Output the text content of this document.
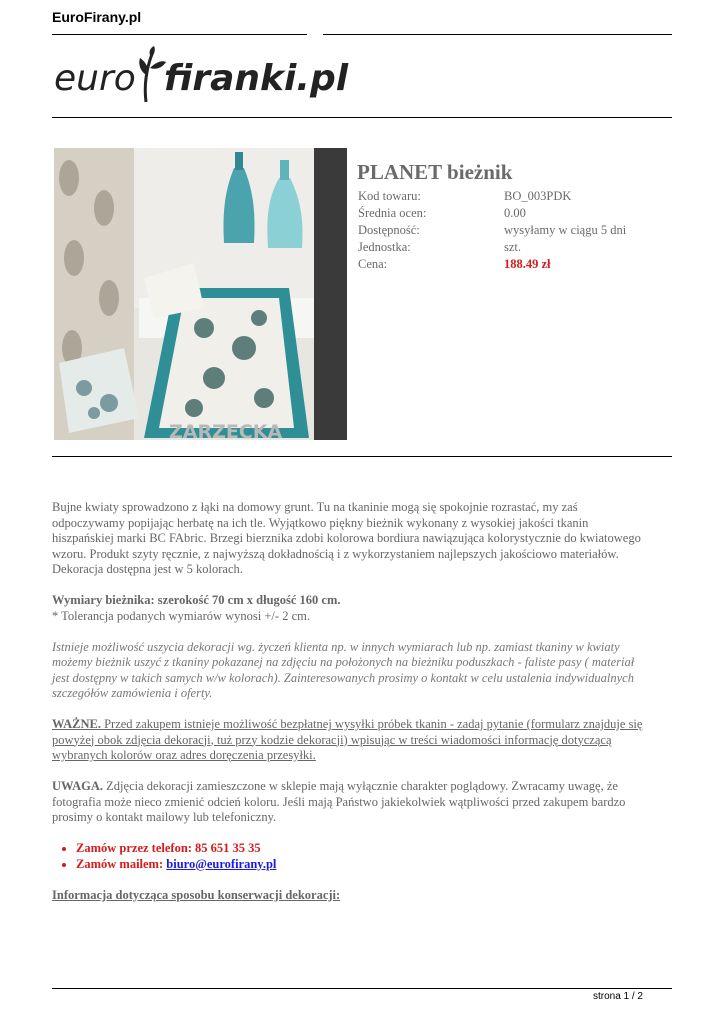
EuroFirany.pl
euro firanki.pl
ZARZECKA
PLANET bieżnik
Kod towaru:	BO_003PDK
Średnia ocen:	0.00
Dostępność:	wysyłamy w ciągu 5 dni
Jednostka:	szt.
Cena:	188.49 zł

Bujne kwiaty sprowadzono z łąki na domowy grunt. Tu na tkaninie mogą się spokojnie rozrastać, my zaś odpoczywamy popijając herbatę na ich tle. Wyjątkowo piękny bieżnik wykonany z wysokiej jakości tkanin hiszpańskiej marki BC FAbric. Brzegi bierznika zdobi kolorowa bordiura nawiązująca kolorystycznie do kwiatowego wzoru. Produkt szyty ręcznie, z najwyższą dokładnością i z wykorzystaniem najlepszych jakościowo materiałów. Dekoracja dostępna jest w 5 kolorach.

Wymiary bieżnika: szerokość 70 cm x długość 160 cm.
* Tolerancja podanych wymiarów wynosi +/- 2 cm.

Istnieje możliwość uszycia dekoracji wg. życzeń klienta np. w innych wymiarach lub np. zamiast tkaniny w kwiaty możemy bieżnik uszyć z tkaniny pokazanej na zdjęciu na położonych na bieżniku poduszkach - faliste pasy ( materiał jest dostępny w takich samych w/w kolorach). Zainteresowanych prosimy o kontakt w celu ustalenia indywidualnych szczegółów zamówienia i oferty.

WAŻNE. Przed zakupem istnieje możliwość bezpłatnej wysyłki próbek tkanin - zadaj pytanie (formularz znajduje się powyżej obok zdjęcia dekoracji, tuż przy kodzie dekoracji) wpisując w treści wiadomości informację dotyczącą wybranych kolorów oraz adres doręczenia przesyłki.

UWAGA. Zdjęcia dekoracji zamieszczone w sklepie mają wyłącznie charakter poglądowy. Zwracamy uwagę, że fotografia może nieco zmienić odcień koloru. Jeśli mają Państwo jakiekolwiek wątpliwości przed zakupem bardzo prosimy o kontakt mailowy lub telefoniczny.

• Zamów przez telefon: 85 651 35 35
• Zamów mailem: biuro@eurofirany.pl

Informacja dotycząca sposobu konserwacji dekoracji:

strona 1 / 2
